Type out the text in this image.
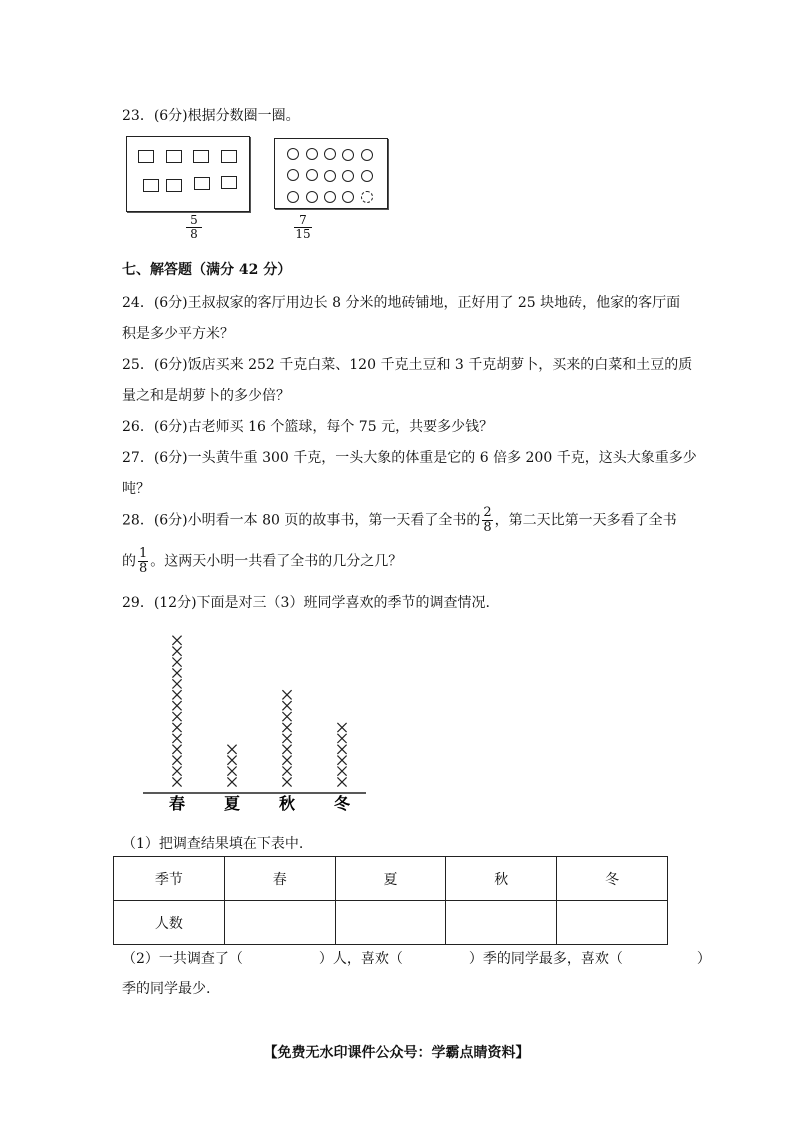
23．(6分)根据分数圈一圈。
$\frac{5}{8}$	$\frac{7}{15}$
七、解答题（满分 42 分）
24．(6分)王叔叔家的客厅用边长 8 分米的地砖铺地，正好用了 25 块地砖，他家的客厅面
积是多少平方米？
25．(6分)饭店买来 252 千克白菜、120 千克土豆和 3 千克胡萝卜，买来的白菜和土豆的质
量之和是胡萝卜的多少倍？
26．(6分)古老师买 16 个篮球，每个 75 元，共要多少钱？
27．(6分)一头黄牛重 300 千克，一头大象的体重是它的 6 倍多 200 千克，这头大象重多少
吨？
28．(6分)小明看一本 80 页的故事书，第一天看了全书的 $\frac{2}{8}$ ，第二天比第一天多看了全书
的 $\frac{1}{8}$ 。这两天小明一共看了全书的几分之几？
29．(12分)下面是对三（3）班同学喜欢的季节的调查情况.
春 夏 秋 冬
（1）把调查结果填在下表中.
季节	春	夏	秋	冬
人数				
（2）一共调查了（	）人，喜欢（	）季的同学最多，喜欢（	）
季的同学最少.
【免费无水印课件公众号：学霸点睛资料】
